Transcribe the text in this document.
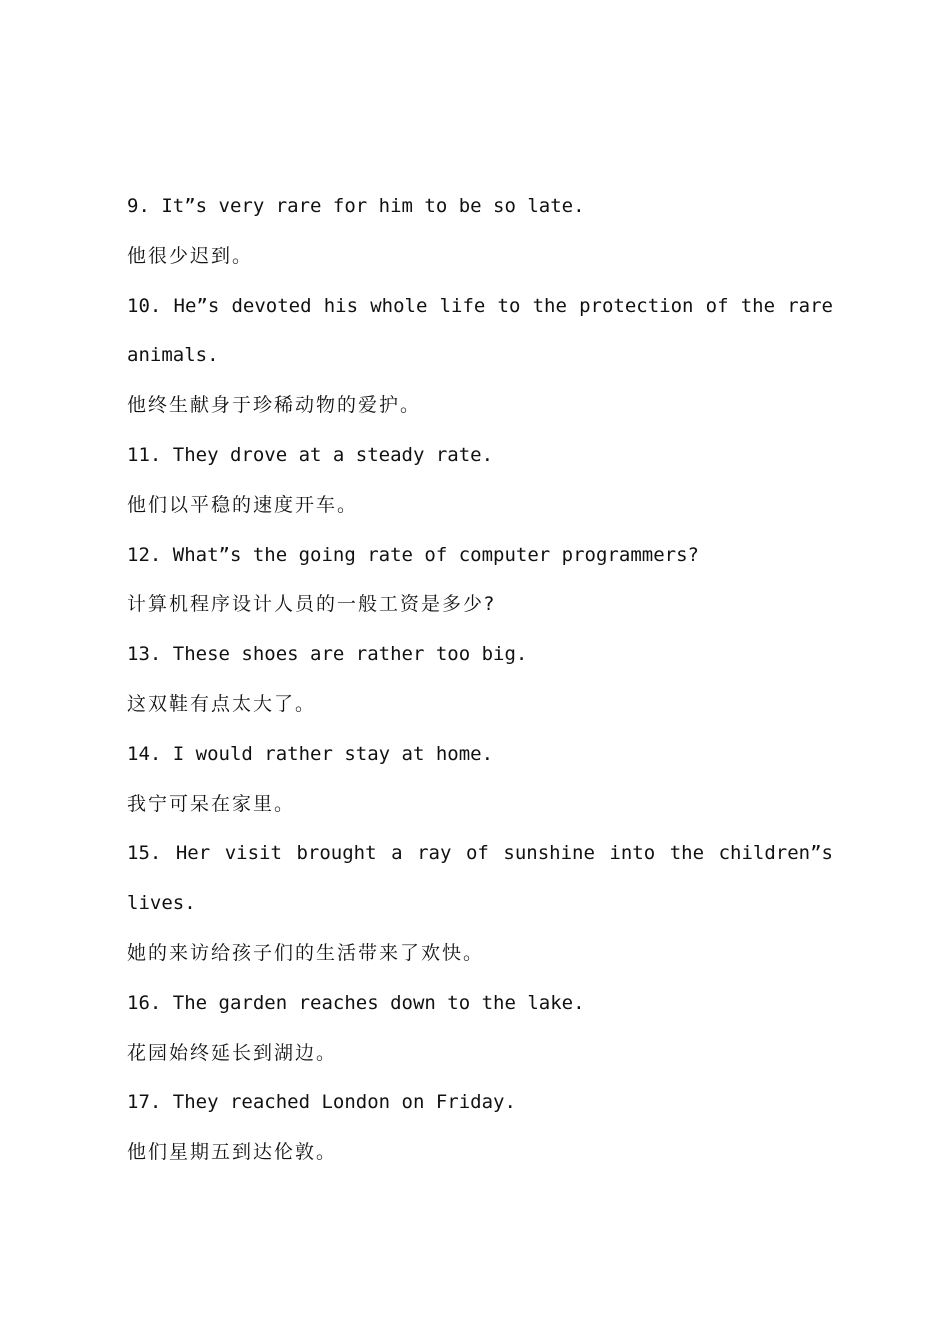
9. It”s very rare for him to be so late.
他很少迟到。
10. He”s devoted his whole life to the protection of the rare
animals.
他终生献身于珍稀动物的爱护。
11. They drove at a steady rate.
他们以平稳的速度开车。
12. What”s the going rate of computer programmers?
计算机程序设计人员的一般工资是多少?
13. These shoes are rather too big.
这双鞋有点太大了。
14. I would rather stay at home.
我宁可呆在家里。
15. Her visit brought a ray of sunshine into the children”s
lives.
她的来访给孩子们的生活带来了欢快。
16. The garden reaches down to the lake.
花园始终延长到湖边。
17. They reached London on Friday.
他们星期五到达伦敦。
